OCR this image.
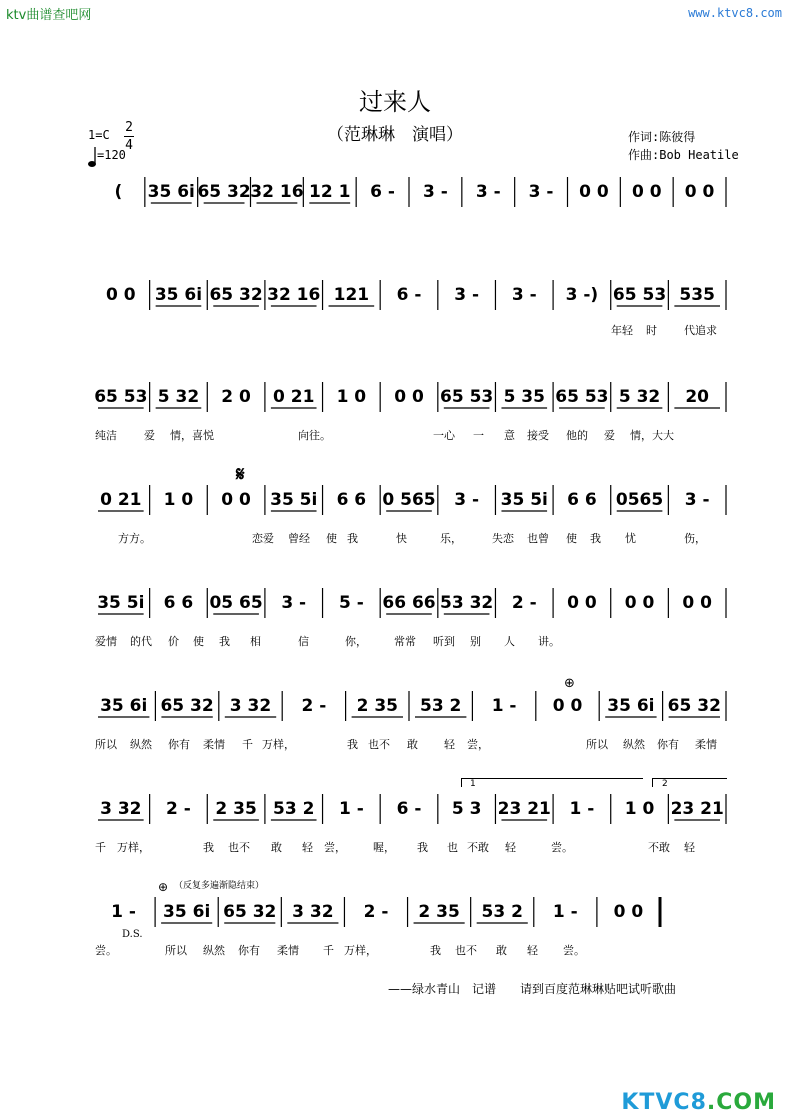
ktv曲谱查吧网	www.ktvc8.com
过来人
（范琳琳　演唱）
1=C 2
4
=120
作词:陈彼得
作曲:Bob Heatile
( 35 6i 65 32 32 16 12 1 6 - 3 - 3 - 3 - 0 0 0 0 0 0
0 0 35 6i 65 32 32 16 121 6 - 3 - 3 - 3 -) 65 53 535
年轻 时 代追求
65 53 5 32 2 0 0 21 1 0 0 0 65 53 5 35 65 53 5 32 20
纯洁 爱 情，喜悦	向往。	一心 一 意 接受 他的 爱 情，大大
0 21 1 0 0 0 35 5i 6 6 0 565 3 - 35 5i 6 6 0565 3 -
𝄋
方方。	恋爱 曾经 使 我	快	乐，	失恋 也曾 使 我 忧	伤，
35 5i 6 6 05 65 3 - 5 - 66 66 53 32 2 - 0 0 0 0 0 0
爱情 的代 价 使 我 相	信	你， 常常 听到 别 人 讲。
35 6i 65 32 3 32 2 - 2 35 53 2 1 - 0 0 35 6i 65 32
⊕
所以 纵然 你有 柔情 千 万样，	我 也不 敢 轻 尝，	所以 纵然 你有 柔情
1	2
3 32 2 - 2 35 53 2 1 - 6 - 5 3 23 21 1 - 1 0 23 21
千 万样，	我 也不 敢 轻 尝， 喔， 我 也 不敢 轻	尝。	不敢 轻
⊕ （反复多遍渐隐结束）
1 - 35 6i 65 32 3 32 2 - 2 35 53 2 1 - 0 0
D.S.
尝。	所以 纵然 你有 柔情 千 万样，	我 也不 敢 轻 尝。
——绿水青山　记谱 请到百度范琳琳贴吧试听歌曲
KTVC8.COM
